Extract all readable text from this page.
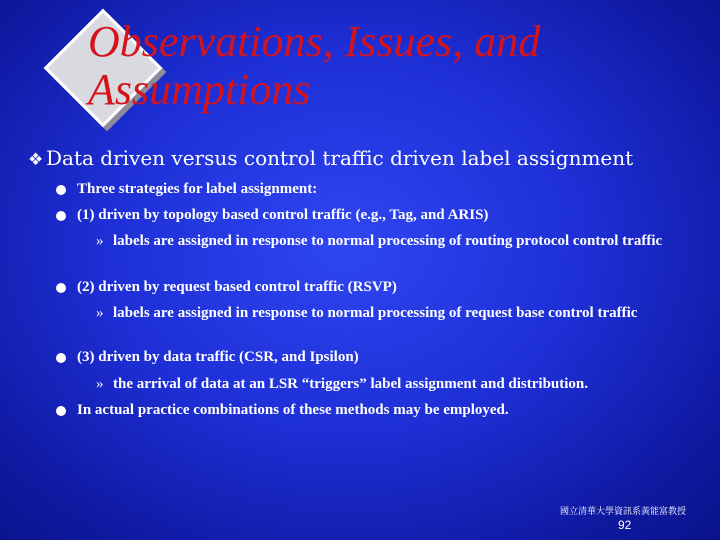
Observations, Issues, and
Assumptions
❖ Data driven versus control traffic driven label assignment
Three strategies for label assignment:
(1) driven by topology based control traffic (e.g., Tag, and ARIS)
» labels are assigned in response to normal processing of routing protocol control traffic
(2) driven by request based control traffic (RSVP)
» labels are assigned in response to normal processing of request base control traffic
(3) driven by data traffic (CSR, and Ipsilon)
» the arrival of data at an LSR “triggers” label assignment and distribution.
In actual practice combinations of these methods may be employed.
國立清華大學資訊系黃能富教授
92
